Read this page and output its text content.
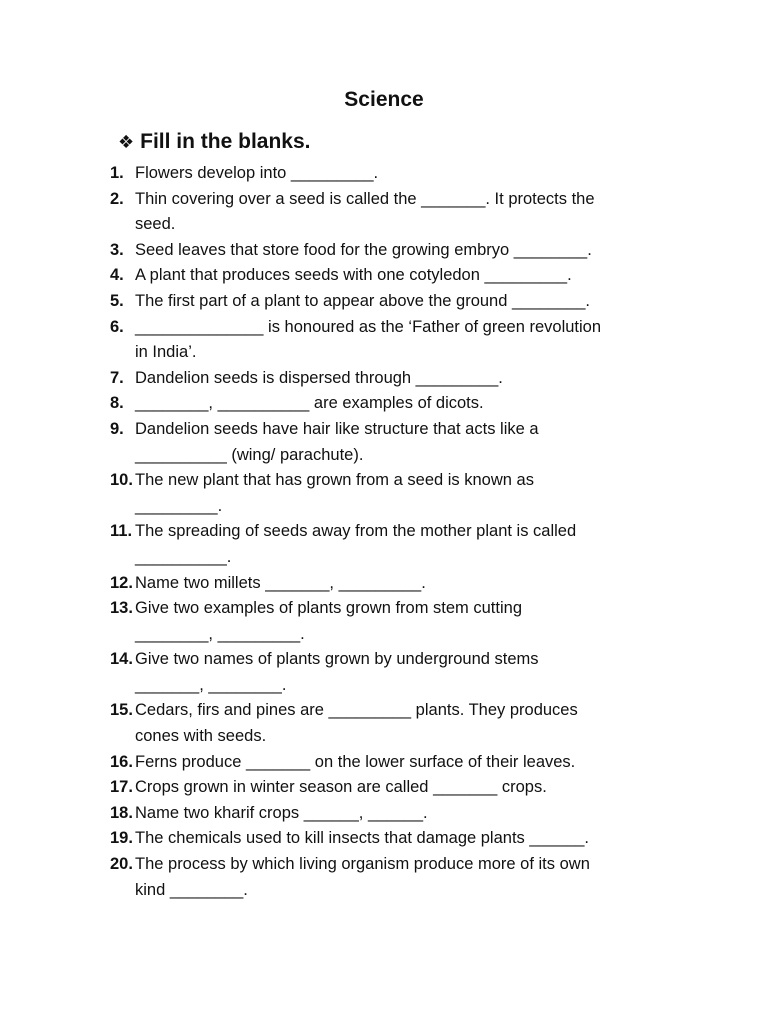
Science
❖ Fill in the blanks.
1. Flowers develop into _________.
2. Thin covering over a seed is called the _______. It protects the
seed.
3. Seed leaves that store food for the growing embryo ________.
4. A plant that produces seeds with one cotyledon _________.
5. The first part of a plant to appear above the ground ________.
6. ______________ is honoured as the ‘Father of green revolution
in India’.
7. Dandelion seeds is dispersed through _________.
8. ________, __________ are examples of dicots.
9. Dandelion seeds have hair like structure that acts like a
__________ (wing/ parachute).
10. The new plant that has grown from a seed is known as
_________.
11. The spreading of seeds away from the mother plant is called
__________.
12. Name two millets _______, _________.
13. Give two examples of plants grown from stem cutting
________, _________.
14. Give two names of plants grown by underground stems
_______, ________.
15. Cedars, firs and pines are _________ plants. They produces
cones with seeds.
16. Ferns produce _______ on the lower surface of their leaves.
17. Crops grown in winter season are called _______ crops.
18. Name two kharif crops ______, ______.
19. The chemicals used to kill insects that damage plants ______.
20. The process by which living organism produce more of its own
kind ________.
